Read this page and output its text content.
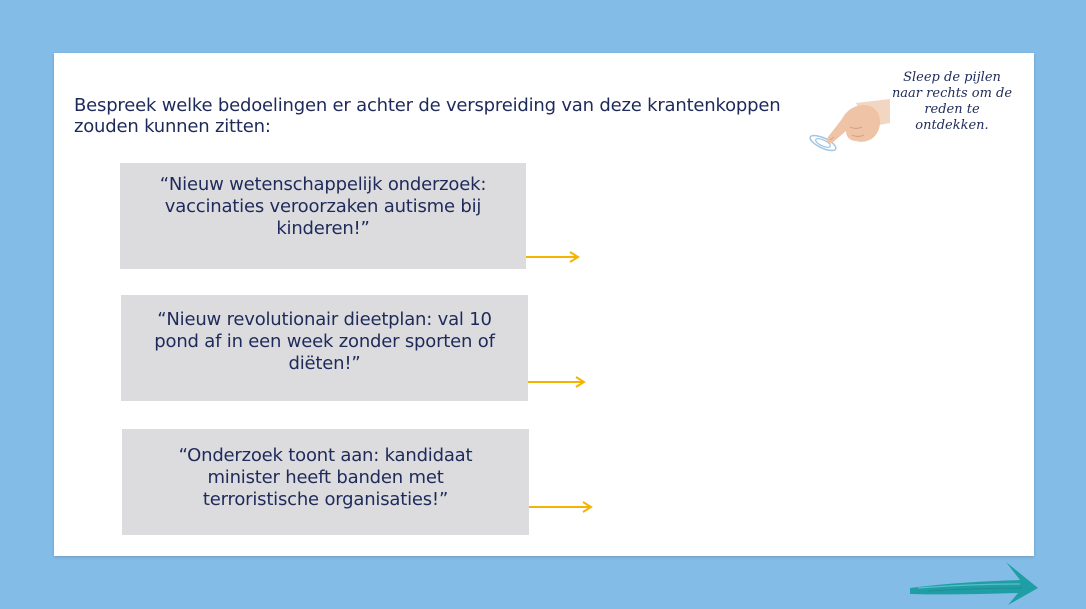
Bespreek welke bedoelingen er achter de verspreiding van deze krantenkoppen zouden kunnen zitten:
Sleep de pijlen naar rechts om de reden te ontdekken.
“Nieuw wetenschappelijk onderzoek: vaccinaties veroorzaken autisme bij kinderen!”
“Nieuw revolutionair dieetplan: val 10 pond af in een week zonder sporten of diëten!”
“Onderzoek toont aan: kandidaat minister heeft banden met terroristische organisaties!”
